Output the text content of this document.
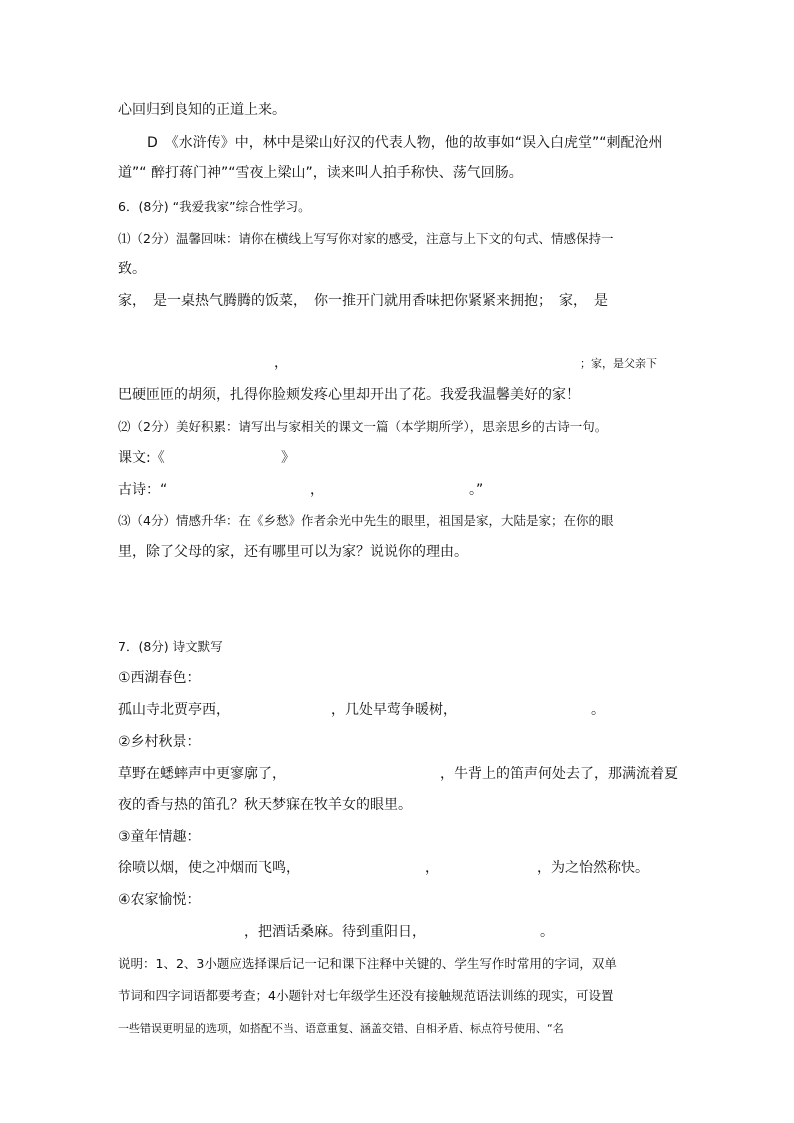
心回归到良知的正道上来。
D　《水浒传》中，林中是梁山好汉的代表人物，他的故事如“误入白虎堂”“刺配沧州
道”“ 醉打蒋门神”“雪夜上梁山”，读来叫人拍手称快、荡气回肠。
6．(8分) “我爱我家”综合性学习。
⑴（2分）温馨回味：请你在横线上写写你对家的感受，注意与上下文的句式、情感保持一
致。
家，　是一桌热气腾腾的饭菜，　你一推开门就用香味把你紧紧来拥抱；　家，　是
，	；家，是父亲下
巴硬匝匝的胡须，扎得你脸颊发疼心里却开出了花。我爱我温馨美好的家！
⑵（2分）美好积累：请写出与家相关的课文一篇（本学期所学），思亲思乡的古诗一句。
课文:《	》
古诗：“	，	。”
⑶（4分）情感升华：在《乡愁》作者余光中先生的眼里，祖国是家，大陆是家；在你的眼
里，除了父母的家，还有哪里可以为家？说说你的理由。
7．(8分) 诗文默写
①西湖春色：
孤山寺北贾亭西，	，几处早莺争暖树，	。
②乡村秋景：
草野在蟋蟀声中更寥廓了，	，牛背上的笛声何处去了，那满流着夏
夜的香与热的笛孔？秋天梦寐在牧羊女的眼里。
③童年情趣：
徐喷以烟，使之冲烟而飞鸣，	，	，为之怡然称快。
④农家愉悦：
，把酒话桑麻。待到重阳日，	。
说明：1、2、3小题应选择课后记一记和课下注释中关键的、学生写作时常用的字词，双单
节词和四字词语都要考查；4小题针对七年级学生还没有接触规范语法训练的现实，可设置
一些错误更明显的选项，如搭配不当、语意重复、涵盖交错、自相矛盾、标点符号使用、“名
